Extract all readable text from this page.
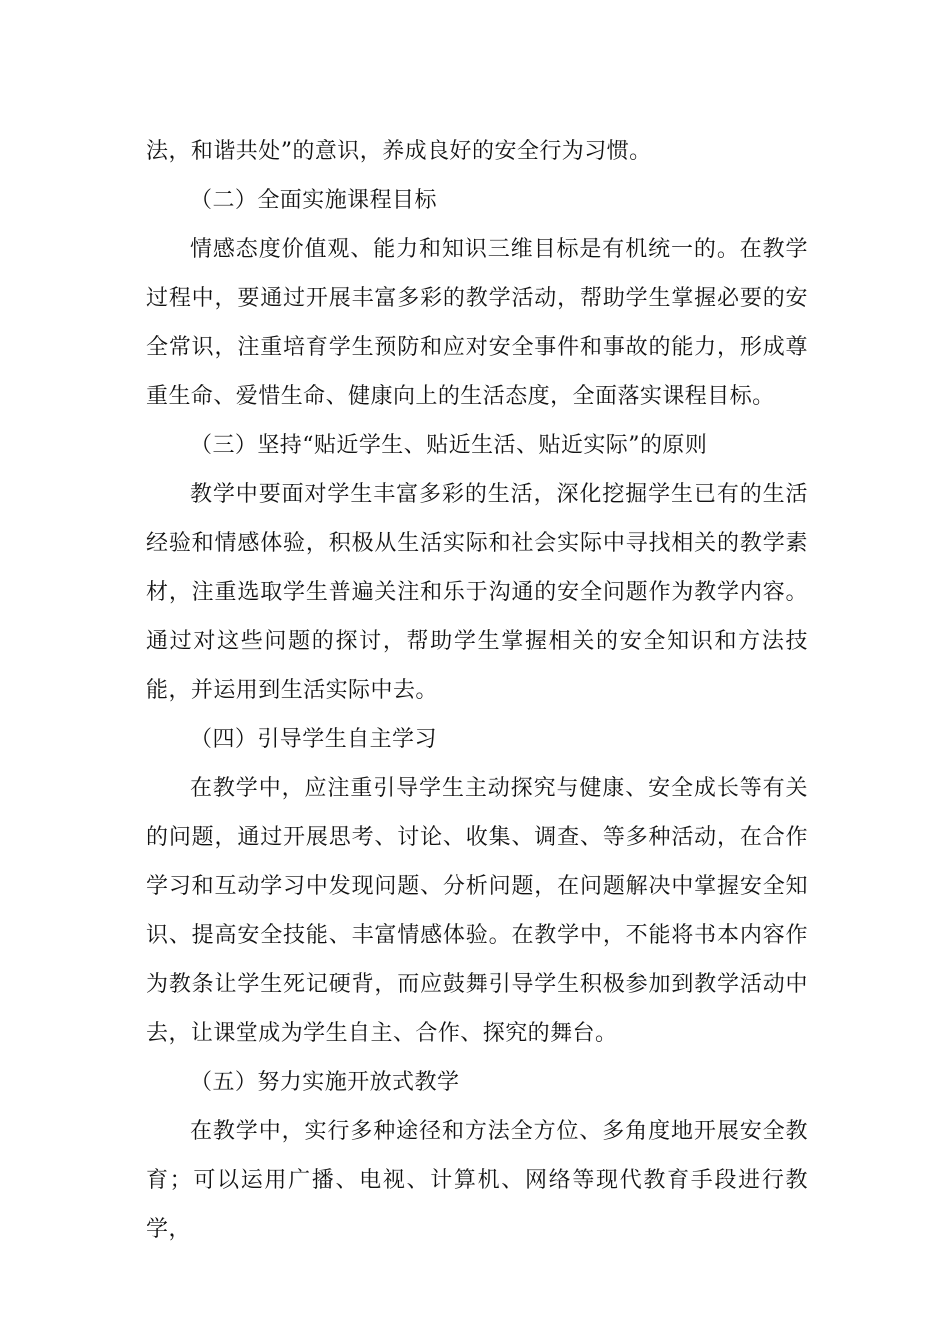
法，和谐共处”的意识，养成良好的安全行为习惯。

（二）全面实施课程目标

情感态度价值观、能力和知识三维目标是有机统一的。在教学过程中，要通过开展丰富多彩的教学活动，帮助学生掌握必要的安全常识，注重培育学生预防和应对安全事件和事故的能力，形成尊重生命、爱惜生命、健康向上的生活态度，全面落实课程目标。

（三）坚持“贴近学生、贴近生活、贴近实际”的原则

教学中要面对学生丰富多彩的生活，深化挖掘学生已有的生活经验和情感体验，积极从生活实际和社会实际中寻找相关的教学素材，注重选取学生普遍关注和乐于沟通的安全问题作为教学内容。通过对这些问题的探讨，帮助学生掌握相关的安全知识和方法技能，并运用到生活实际中去。

（四）引导学生自主学习

在教学中，应注重引导学生主动探究与健康、安全成长等有关的问题，通过开展思考、讨论、收集、调查、等多种活动，在合作学习和互动学习中发现问题、分析问题，在问题解决中掌握安全知识、提高安全技能、丰富情感体验。在教学中，不能将书本内容作为教条让学生死记硬背，而应鼓舞引导学生积极参加到教学活动中去，让课堂成为学生自主、合作、探究的舞台。

（五）努力实施开放式教学

在教学中，实行多种途径和方法全方位、多角度地开展安全教育；可以运用广播、电视、计算机、网络等现代教育手段进行教学，
